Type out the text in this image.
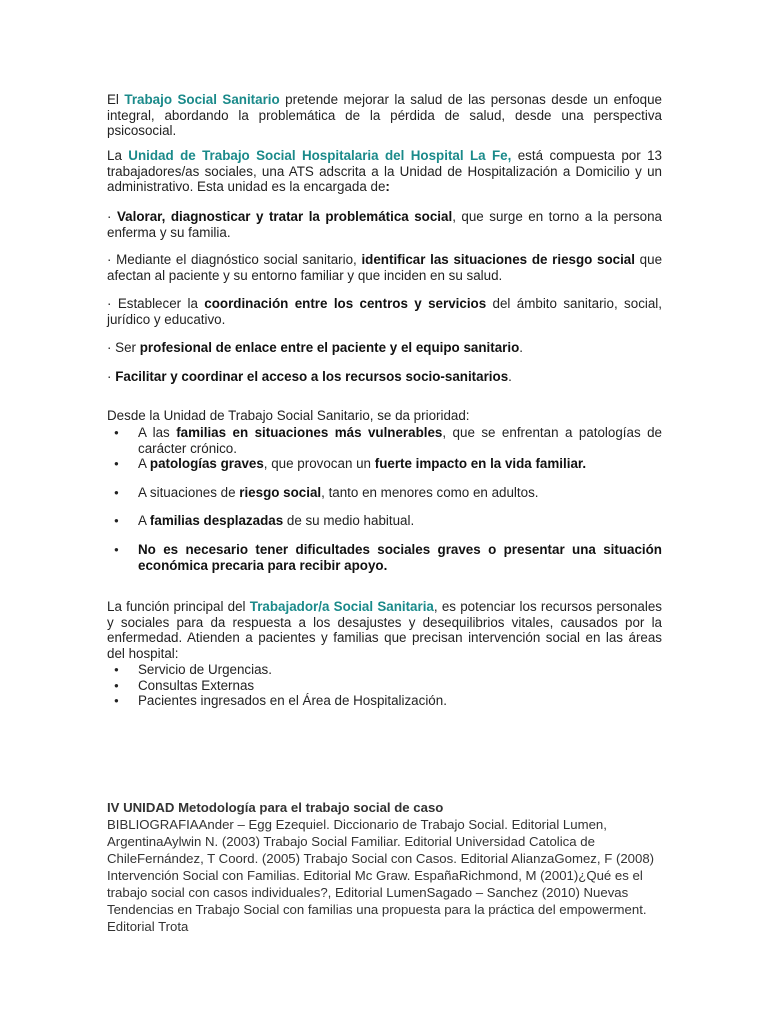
El Trabajo Social Sanitario pretende mejorar la salud de las personas desde un enfoque integral, abordando la problemática de la pérdida de salud, desde una perspectiva psicosocial.

La Unidad de Trabajo Social Hospitalaria del Hospital La Fe, está compuesta por 13 trabajadores/as sociales, una ATS adscrita a la Unidad de Hospitalización a Domicilio y un administrativo. Esta unidad es la encargada de:

· Valorar, diagnosticar y tratar la problemática social, que surge en torno a la persona enferma y su familia.

· Mediante el diagnóstico social sanitario, identificar las situaciones de riesgo social que afectan al paciente y su entorno familiar y que inciden en su salud.

· Establecer la coordinación entre los centros y servicios del ámbito sanitario, social, jurídico y educativo.

· Ser profesional de enlace entre el paciente y el equipo sanitario.

· Facilitar y coordinar el acceso a los recursos socio-sanitarios.

Desde la Unidad de Trabajo Social Sanitario, se da prioridad:

● A las familias en situaciones más vulnerables, que se enfrentan a patologías de carácter crónico.
● A patologías graves, que provocan un fuerte impacto en la vida familiar.
● A situaciones de riesgo social, tanto en menores como en adultos.
● A familias desplazadas de su medio habitual.
● No es necesario tener dificultades sociales graves o presentar una situación económica precaria para recibir apoyo.

La función principal del Trabajador/a Social Sanitaria, es potenciar los recursos personales y sociales para da respuesta a los desajustes y desequilibrios vitales, causados por la enfermedad. Atienden a pacientes y familias que precisan intervención social en las áreas del hospital:

● Servicio de Urgencias.
● Consultas Externas
● Pacientes ingresados en el Área de Hospitalización.
IV UNIDAD Metodología para el trabajo social de caso
BIBLIOGRAFIAAnder – Egg Ezequiel. Diccionario de Trabajo Social. Editorial Lumen, ArgentinaAylwin N. (2003) Trabajo Social Familiar. Editorial Universidad Catolica de ChileFernández, T Coord. (2005) Trabajo Social con Casos. Editorial AlianzaGomez, F (2008) Intervención Social con Familias. Editorial Mc Graw. EspañaRichmond, M (2001)¿Qué es el trabajo social con casos individuales?, Editorial LumenSagado – Sanchez (2010) Nuevas Tendencias en Trabajo Social con familias una propuesta para la práctica del empowerment. Editorial Trota
